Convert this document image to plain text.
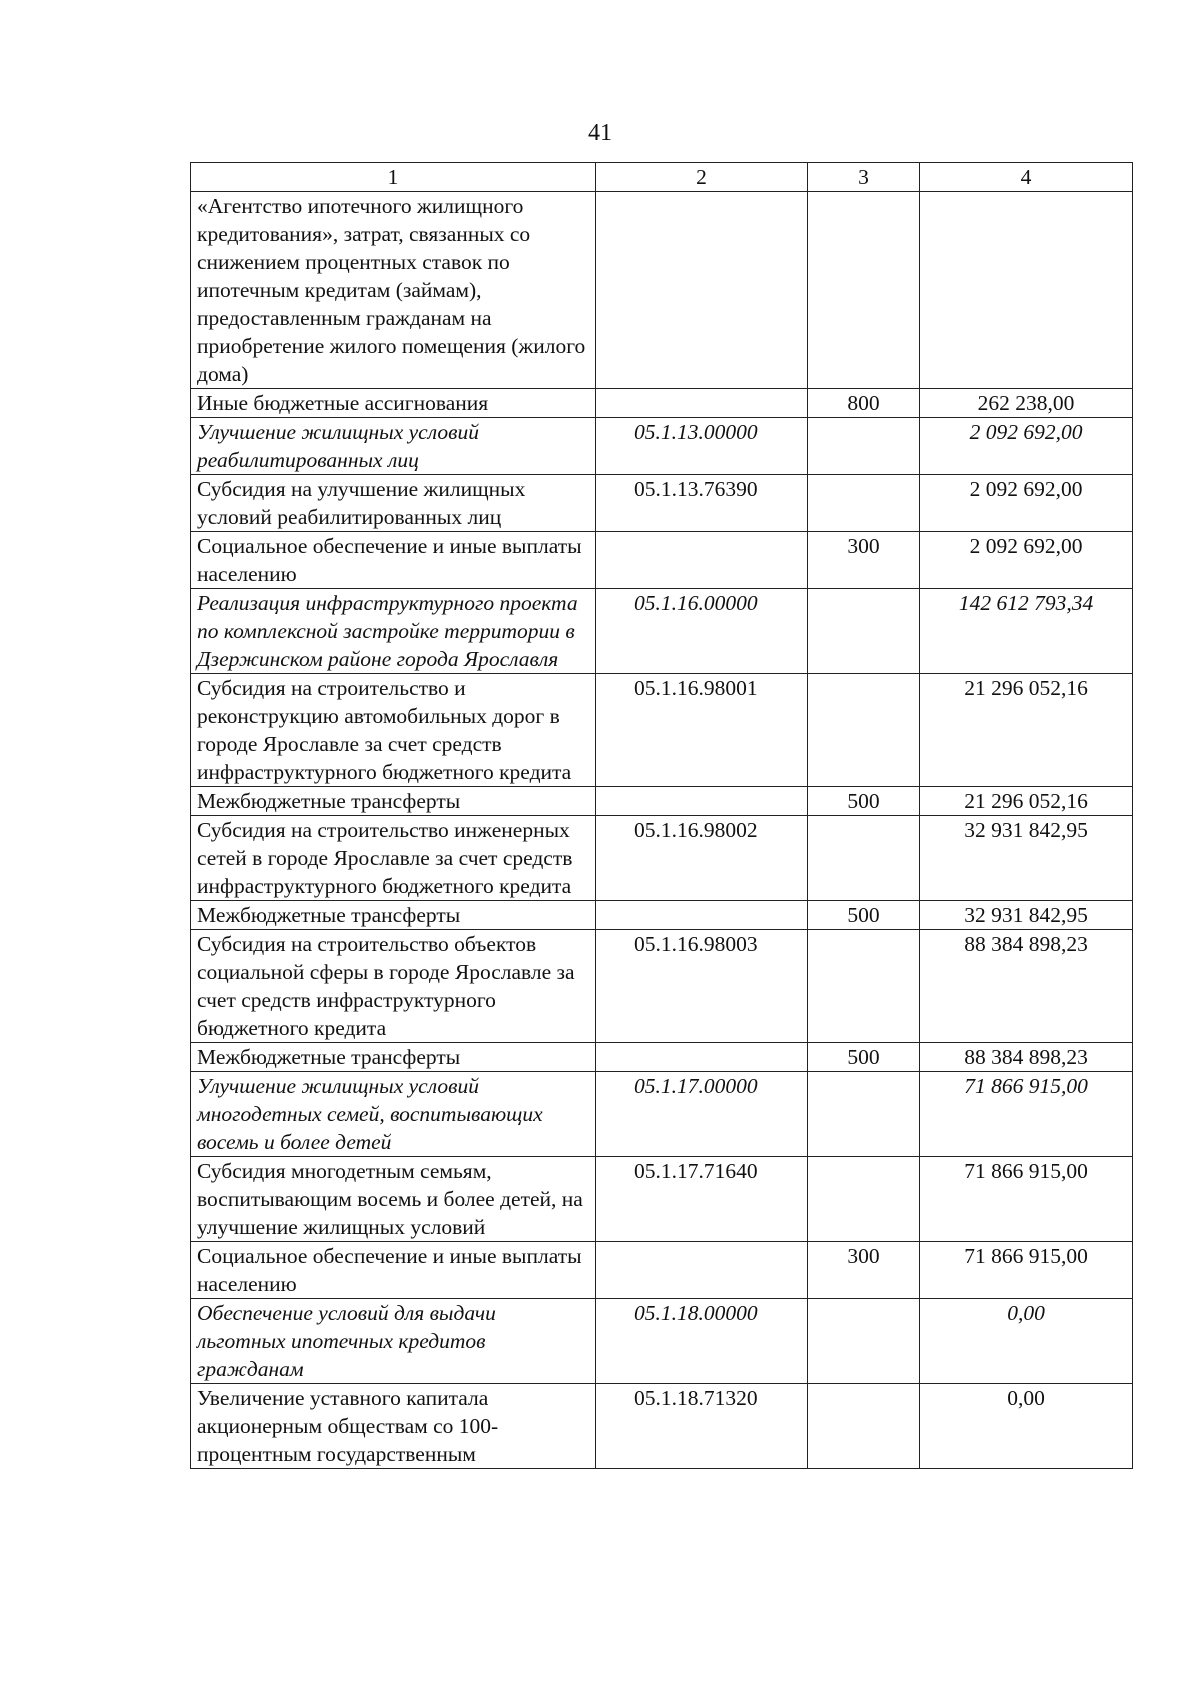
41
1	2	3	4
«Агентство ипотечного жилищного кредитования», затрат, связанных со снижением процентных ставок по ипотечным кредитам (займам), предоставленным гражданам на приобретение жилого помещения (жилого дома)			
Иные бюджетные ассигнования		800	262 238,00
Улучшение жилищных условий реабилитированных лиц	05.1.13.00000		2 092 692,00
Субсидия на улучшение жилищных условий реабилитированных лиц	05.1.13.76390		2 092 692,00
Социальное обеспечение и иные выплаты населению		300	2 092 692,00
Реализация инфраструктурного проекта по комплексной застройке территории в Дзержинском районе города Ярославля	05.1.16.00000		142 612 793,34
Субсидия на строительство и реконструкцию автомобильных дорог в городе Ярославле за счет средств инфраструктурного бюджетного кредита	05.1.16.98001		21 296 052,16
Межбюджетные трансферты		500	21 296 052,16
Субсидия на строительство инженерных сетей в городе Ярославле за счет средств инфраструктурного бюджетного кредита	05.1.16.98002		32 931 842,95
Межбюджетные трансферты		500	32 931 842,95
Субсидия на строительство объектов социальной сферы в городе Ярославле за счет средств инфраструктурного бюджетного кредита	05.1.16.98003		88 384 898,23
Межбюджетные трансферты		500	88 384 898,23
Улучшение жилищных условий многодетных семей, воспитывающих восемь и более детей	05.1.17.00000		71 866 915,00
Субсидия многодетным семьям, воспитывающим восемь и более детей, на улучшение жилищных условий	05.1.17.71640		71 866 915,00
Социальное обеспечение и иные выплаты населению		300	71 866 915,00
Обеспечение условий для выдачи льготных ипотечных кредитов гражданам	05.1.18.00000		0,00
Увеличение уставного капитала акционерным обществам со 100-процентным государственным	05.1.18.71320		0,00
